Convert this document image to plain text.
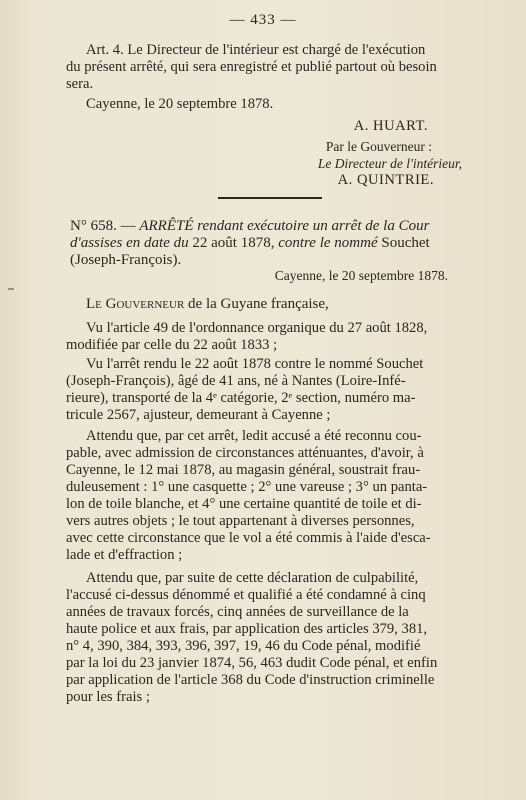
— 433 —
Art. 4. Le Directeur de l'intérieur est chargé de l'exécution
du présent arrêté, qui sera enregistré et publié partout où besoin
sera.
Cayenne, le 20 septembre 1878.
A. HUART.
Par le Gouverneur :
Le Directeur de l'intérieur,
A. QUINTRIE.
N° 658. — ARRÊTÉ rendant exécutoire un arrêt de la Cour
d'assises en date du 22 août 1878, contre le nommé Souchet
(Joseph-François).
Cayenne, le 20 septembre 1878.
Le Gouverneur de la Guyane française,
Vu l'article 49 de l'ordonnance organique du 27 août 1828,
modifiée par celle du 22 août 1833 ;
Vu l'arrêt rendu le 22 août 1878 contre le nommé Souchet
(Joseph-François), âgé de 41 ans, né à Nantes (Loire-Infé-
rieure), transporté de la 4ᵉ catégorie, 2ᵉ section, numéro ma-
tricule 2567, ajusteur, demeurant à Cayenne ;
Attendu que, par cet arrêt, ledit accusé a été reconnu cou-
pable, avec admission de circonstances atténuantes, d'avoir, à
Cayenne, le 12 mai 1878, au magasin général, soustrait frau-
duleusement : 1° une casquette ; 2° une vareuse ; 3° un panta-
lon de toile blanche, et 4° une certaine quantité de toile et di-
vers autres objets ; le tout appartenant à diverses personnes,
avec cette circonstance que le vol a été commis à l'aide d'esca-
lade et d'effraction ;
Attendu que, par suite de cette déclaration de culpabilité,
l'accusé ci-dessus dénommé et qualifié a été condamné à cinq
années de travaux forcés, cinq années de surveillance de la
haute police et aux frais, par application des articles 379, 381,
n° 4, 390, 384, 393, 396, 397, 19, 46 du Code pénal, modifié
par la loi du 23 janvier 1874, 56, 463 dudit Code pénal, et enfin
par application de l'article 368 du Code d'instruction criminelle
pour les frais ;
